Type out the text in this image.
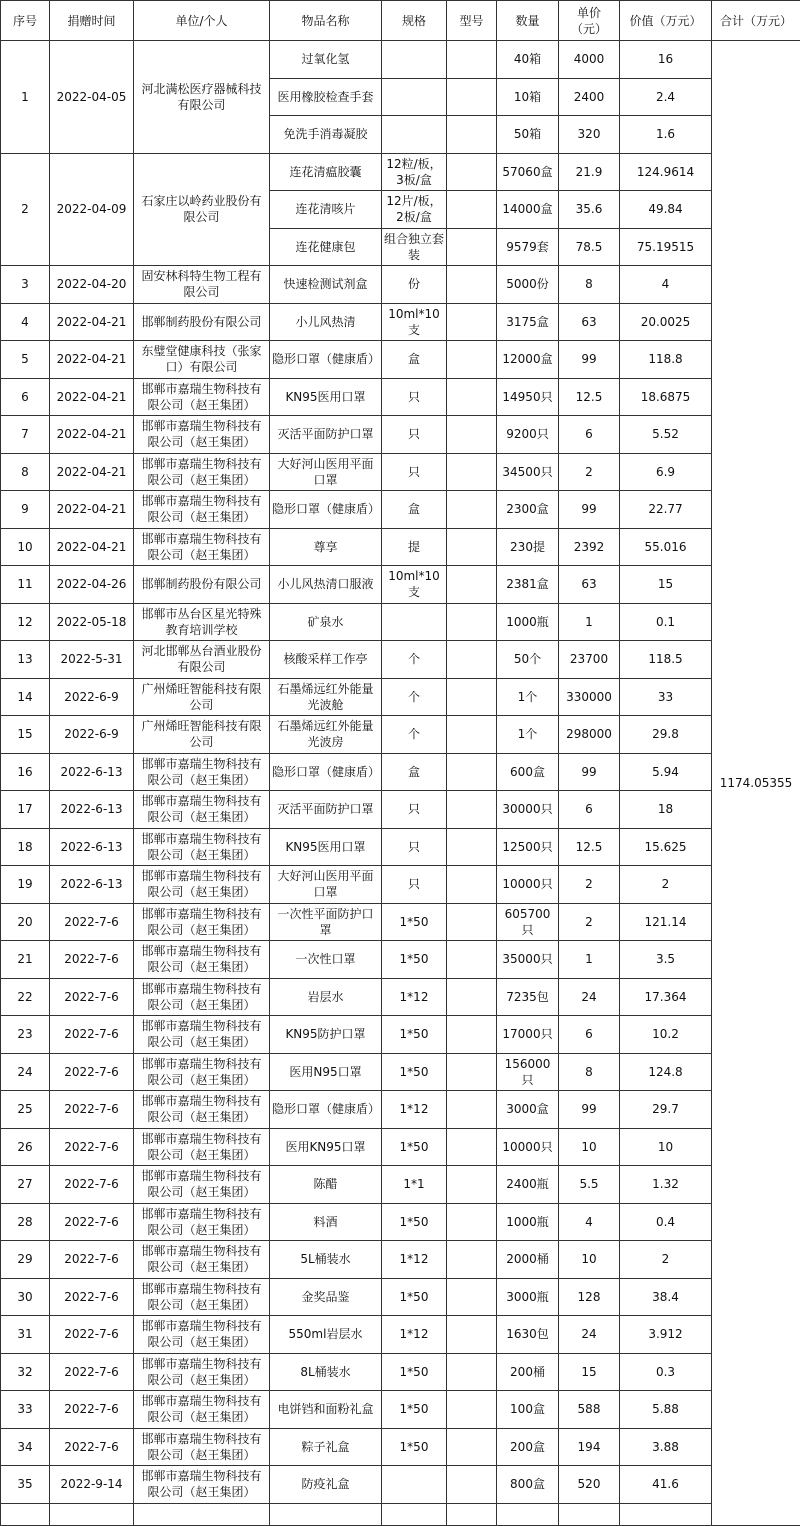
序号	捐赠时间	单位/个人	物品名称	规格	型号	数量	单价
（元）	价值（万元）	合计（万元）
1	2022-04-05	河北满松医疗器械科技有限公司	过氧化氢			40箱	4000	16	1174.05355
			医用橡胶检查手套			10箱	2400	2.4	
			免洗手消毒凝胶			50箱	320	1.6	
2	2022-04-09	石家庄以岭药业股份有限公司	连花清瘟胶囊	12粒/板，3板/盒		57060盒	21.9	124.9614	
			连花清咳片	12片/板，2板/盒		14000盒	35.6	49.84	
			连花健康包	组合独立套装		9579套	78.5	75.19515	
3	2022-04-20	固安林科特生物工程有限公司	快速检测试剂盒	份		5000份	8	4	
4	2022-04-21	邯郸制药股份有限公司	小儿风热清	10ml*10支		3175盒	63	20.0025	
5	2022-04-21	东璧堂健康科技（张家口）有限公司	隐形口罩（健康盾）	盒		12000盒	99	118.8	
6	2022-04-21	邯郸市嘉瑞生物科技有限公司（赵王集团）	KN95医用口罩	只		14950只	12.5	18.6875	
7	2022-04-21	邯郸市嘉瑞生物科技有限公司（赵王集团）	灭活平面防护口罩	只		9200只	6	5.52	
8	2022-04-21	邯郸市嘉瑞生物科技有限公司（赵王集团）	大好河山医用平面口罩	只		34500只	2	6.9	
9	2022-04-21	邯郸市嘉瑞生物科技有限公司（赵王集团）	隐形口罩（健康盾）	盒		2300盒	99	22.77	
10	2022-04-21	邯郸市嘉瑞生物科技有限公司（赵王集团）	尊享	提		230提	2392	55.016	
11	2022-04-26	邯郸制药股份有限公司	小儿风热清口服液	10ml*10支		2381盒	63	15	
12	2022-05-18	邯郸市丛台区星光特殊教育培训学校	矿泉水			1000瓶	1	0.1	
13	2022-5-31	河北邯郸丛台酒业股份有限公司	核酸采样工作亭	个		50个	23700	118.5	
14	2022-6-9	广州烯旺智能科技有限公司	石墨烯远红外能量光波舱	个		1个	330000	33	
15	2022-6-9	广州烯旺智能科技有限公司	石墨烯远红外能量光波房	个		1个	298000	29.8	
16	2022-6-13	邯郸市嘉瑞生物科技有限公司（赵王集团）	隐形口罩（健康盾）	盒		600盒	99	5.94	
17	2022-6-13	邯郸市嘉瑞生物科技有限公司（赵王集团）	灭活平面防护口罩	只		30000只	6	18	
18	2022-6-13	邯郸市嘉瑞生物科技有限公司（赵王集团）	KN95医用口罩	只		12500只	12.5	15.625	
19	2022-6-13	邯郸市嘉瑞生物科技有限公司（赵王集团）	大好河山医用平面口罩	只		10000只	2	2	
20	2022-7-6	邯郸市嘉瑞生物科技有限公司（赵王集团）	一次性平面防护口罩	1*50		605700只	2	121.14	
21	2022-7-6	邯郸市嘉瑞生物科技有限公司（赵王集团）	一次性口罩	1*50		35000只	1	3.5	
22	2022-7-6	邯郸市嘉瑞生物科技有限公司（赵王集团）	岩层水	1*12		7235包	24	17.364	
23	2022-7-6	邯郸市嘉瑞生物科技有限公司（赵王集团）	KN95防护口罩	1*50		17000只	6	10.2	
24	2022-7-6	邯郸市嘉瑞生物科技有限公司（赵王集团）	医用N95口罩	1*50		156000只	8	124.8	
25	2022-7-6	邯郸市嘉瑞生物科技有限公司（赵王集团）	隐形口罩（健康盾）	1*12		3000盒	99	29.7	
26	2022-7-6	邯郸市嘉瑞生物科技有限公司（赵王集团）	医用KN95口罩	1*50		10000只	10	10	
27	2022-7-6	邯郸市嘉瑞生物科技有限公司（赵王集团）	陈醋	1*1		2400瓶	5.5	1.32	
28	2022-7-6	邯郸市嘉瑞生物科技有限公司（赵王集团）	料酒	1*50		1000瓶	4	0.4	
29	2022-7-6	邯郸市嘉瑞生物科技有限公司（赵王集团）	5L桶装水	1*12		2000桶	10	2	
30	2022-7-6	邯郸市嘉瑞生物科技有限公司（赵王集团）	金奖品鉴	1*50		3000瓶	128	38.4	
31	2022-7-6	邯郸市嘉瑞生物科技有限公司（赵王集团）	550ml岩层水	1*12		1630包	24	3.912	
32	2022-7-6	邯郸市嘉瑞生物科技有限公司（赵王集团）	8L桶装水	1*50		200桶	15	0.3	
33	2022-7-6	邯郸市嘉瑞生物科技有限公司（赵王集团）	电饼铛和面粉礼盒	1*50		100盒	588	5.88	
34	2022-7-6	邯郸市嘉瑞生物科技有限公司（赵王集团）	粽子礼盒	1*50		200盒	194	3.88	
35	2022-9-14	邯郸市嘉瑞生物科技有限公司（赵王集团）	防疫礼盒			800盒	520	41.6	
